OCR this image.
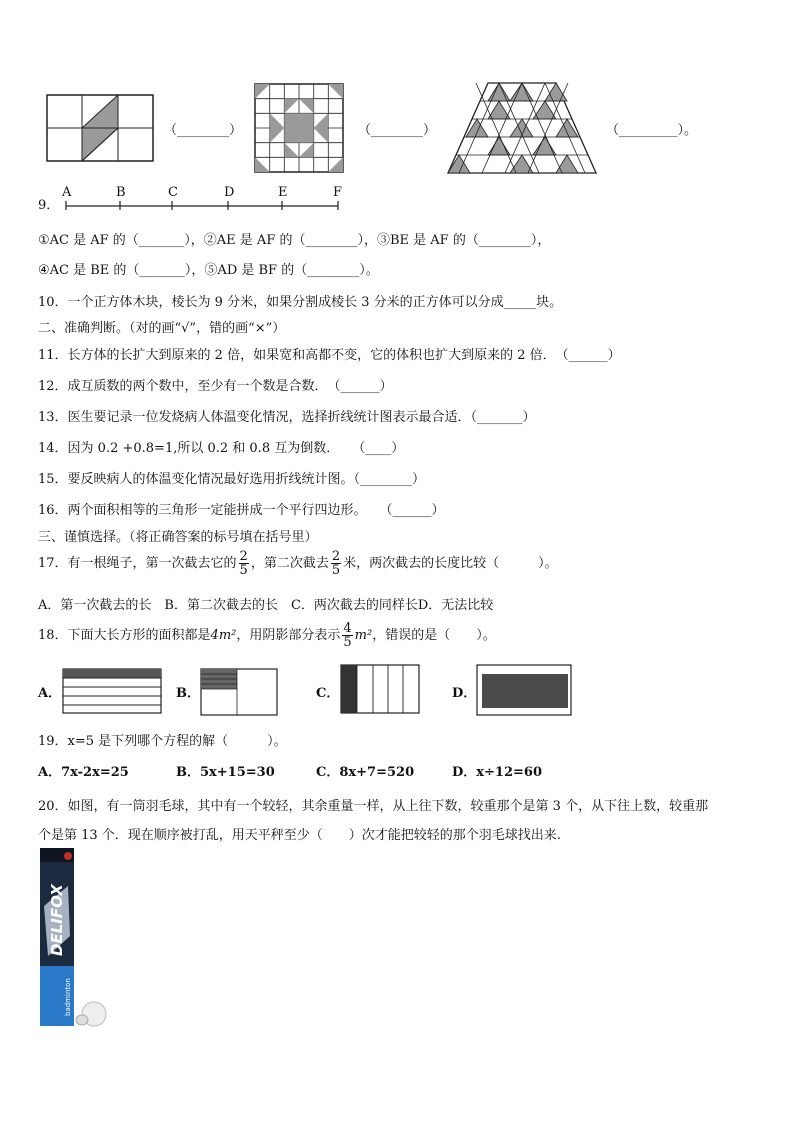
（________）	（________）	（_________）。
9．
A	B	C	D	E	F
①AC 是 AF 的（_______），②AE 是 AF 的（________），③BE 是 AF 的（________），
④AC 是 BE 的（_______），⑤AD 是 BF 的（________）。
10．一个正方体木块，棱长为 9 分米，如果分割成棱长 3 分米的正方体可以分成_____块。
二、准确判断。（对的画“√”，错的画“×”）
11．长方体的长扩大到原来的 2 倍，如果宽和高都不变，它的体积也扩大到原来的 2 倍．　（______）
12．成互质数的两个数中，至少有一个数是合数．　（______）
13．医生要记录一位发烧病人体温变化情况，选择折线统计图表示最合适．（_______）
14．因为 0.2 +0.8=1,所以 0.2 和 0.8 互为倒数．　　（____）
15．要反映病人的体温变化情况最好选用折线统计图。（________）
16．两个面积相等的三角形一定能拼成一个平行四边形。　　（______）
三、谨慎选择。（将正确答案的标号填在括号里）
17．有一根绳子，第一次截去它的 $\frac{2}{5}$ ，第二次截去 $\frac{2}{5}$ 米，两次截去的长度比较（　　　）。
A．第一次截去的长　B．第二次截去的长　C．两次截去的同样长D．无法比较
18．下面大长方形的面积都是4m²，用阴影部分表示 $\frac{4}{5} m^2$，错误的是（　　）。
A．	B．	C．	D．
19．x=5 是下列哪个方程的解（　　　）。
A．7x-2x=25	B．5x+15=30	C．8x+7=520	D．x÷12=60
20．如图，有一筒羽毛球，其中有一个较轻，其余重量一样，从上往下数，较重那个是第 3 个，从下往上数，较重那
个是第 13 个．现在顺序被打乱，用天平秤至少（　　）次才能把较轻的那个羽毛球找出来.
DELIFOX
badminton
